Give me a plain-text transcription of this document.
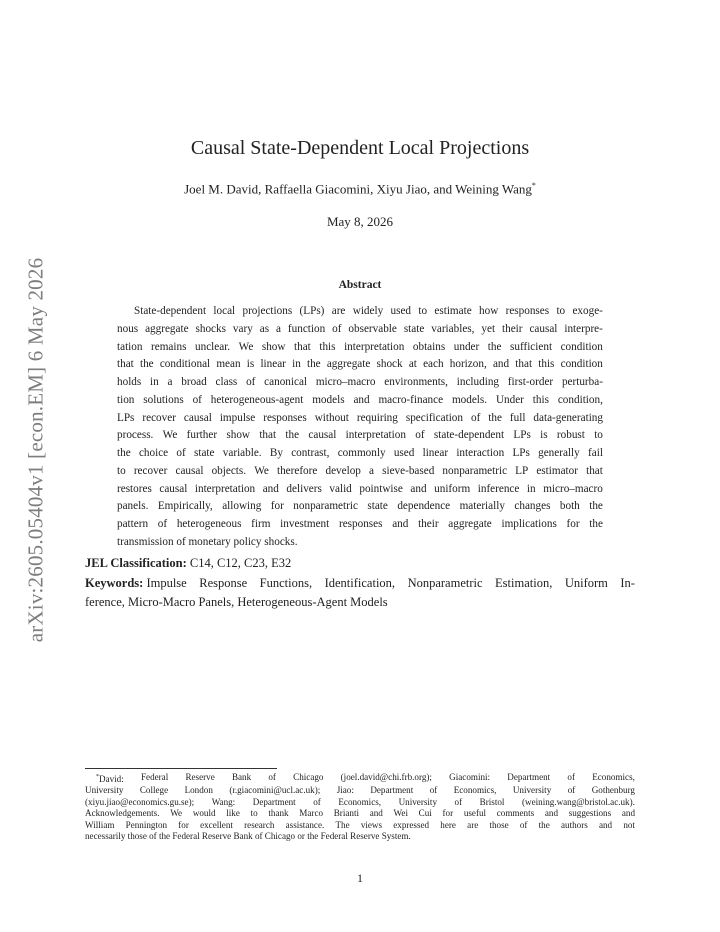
arXiv:2605.05404v1 [econ.EM] 6 May 2026
Causal State-Dependent Local Projections
Joel M. David, Raffaella Giacomini, Xiyu Jiao, and Weining Wang*
May 8, 2026
Abstract
State-dependent local projections (LPs) are widely used to estimate how responses to exoge-
nous aggregate shocks vary as a function of observable state variables, yet their causal interpre-
tation remains unclear. We show that this interpretation obtains under the sufficient condition
that the conditional mean is linear in the aggregate shock at each horizon, and that this condition
holds in a broad class of canonical micro–macro environments, including first-order perturba-
tion solutions of heterogeneous-agent models and macro-finance models. Under this condition,
LPs recover causal impulse responses without requiring specification of the full data-generating
process. We further show that the causal interpretation of state-dependent LPs is robust to
the choice of state variable. By contrast, commonly used linear interaction LPs generally fail
to recover causal objects. We therefore develop a sieve-based nonparametric LP estimator that
restores causal interpretation and delivers valid pointwise and uniform inference in micro–macro
panels. Empirically, allowing for nonparametric state dependence materially changes both the
pattern of heterogeneous firm investment responses and their aggregate implications for the
transmission of monetary policy shocks.
JEL Classification: C14, C12, C23, E32
Keywords: Impulse Response Functions, Identification, Nonparametric Estimation, Uniform In-
ference, Micro-Macro Panels, Heterogeneous-Agent Models
*David: Federal Reserve Bank of Chicago (joel.david@chi.frb.org); Giacomini: Department of Economics,
University College London (r.giacomini@ucl.ac.uk); Jiao: Department of Economics, University of Gothenburg
(xiyu.jiao@economics.gu.se); Wang: Department of Economics, University of Bristol (weining.wang@bristol.ac.uk).
Acknowledgements. We would like to thank Marco Brianti and Wei Cui for useful comments and suggestions and
William Pennington for excellent research assistance. The views expressed here are those of the authors and not
necessarily those of the Federal Reserve Bank of Chicago or the Federal Reserve System.
1
